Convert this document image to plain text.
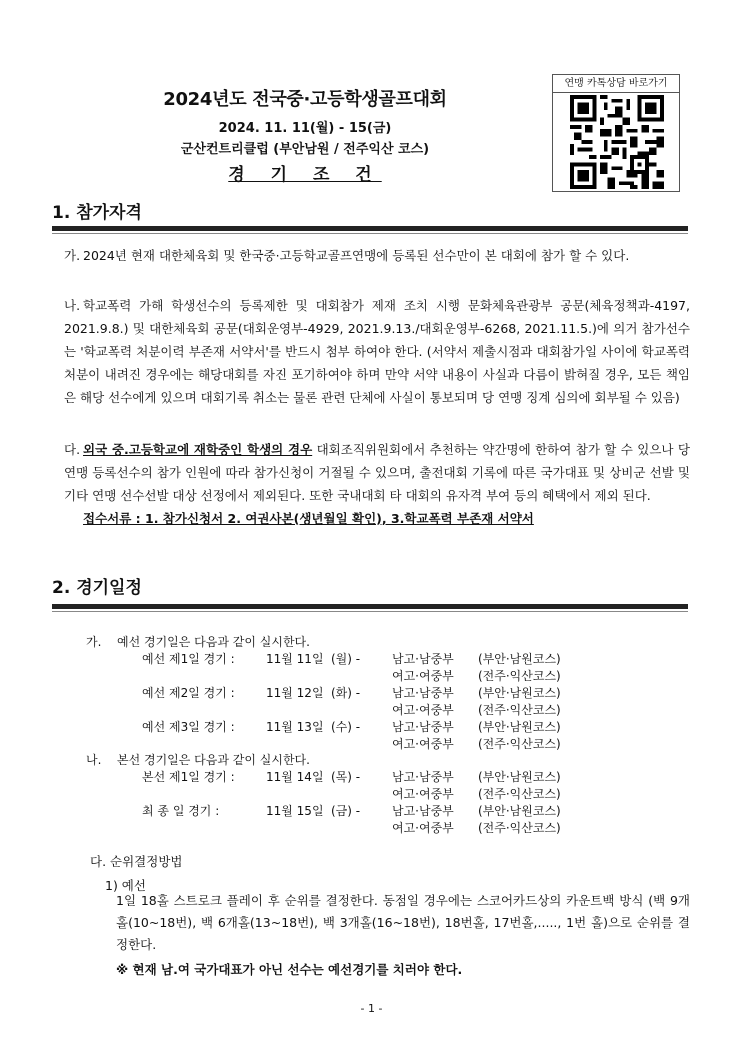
2024년도 전국중·고등학생골프대회
2024. 11. 11(월) - 15(금)
군산컨트리클럽 (부안남원 / 전주익산 코스)
경 기 조 건
연맹 카톡상담 바로가기
1. 참가자격
가. 2024년 현재 대한체육회 및 한국중·고등학교골프연맹에 등록된 선수만이 본 대회에 참가 할 수 있다.
나. 학교폭력 가해 학생선수의 등록제한 및 대회참가 제재 조치 시행 문화체육관광부 공문(체육정책과-4197, 2021.9.8.) 및 대한체육회 공문(대회운영부-4929, 2021.9.13./대회운영부-6268, 2021.11.5.)에 의거 참가선수는 '학교폭력 처분이력 부존재 서약서'를 반드시 첨부 하여야 한다. (서약서 제출시점과 대회참가일 사이에 학교폭력 처분이 내려진 경우에는 해당대회를 자진 포기하여야 하며 만약 서약 내용이 사실과 다름이 밝혀질 경우, 모든 책임은 해당 선수에게 있으며 대회기록 취소는 물론 관련 단체에 사실이 통보되며 당 연맹 징계 심의에 회부될 수 있음)
다. 외국 중.고등학교에 재학중인 학생의 경우 대회조직위원회에서 추천하는 약간명에 한하여 참가 할 수 있으나 당 연맹 등록선수의 참가 인원에 따라 참가신청이 거절될 수 있으며, 출전대회 기록에 따른 국가대표 및 상비군 선발 및 기타 연맹 선수선발 대상 선정에서 제외된다. 또한 국내대회 타 대회의 유자격 부여 등의 혜택에서 제외 된다.
접수서류 : 1. 참가신청서 2. 여권사본(생년월일 확인), 3.학교폭력 부존재 서약서
2. 경기일정
가. 예선 경기일은 다음과 같이 실시한다.
예선 제1일 경기 :	11월 11일 (월) -	남고·남중부 (부안·남원코스)
여고·여중부 (전주·익산코스)
예선 제2일 경기 :	11월 12일 (화) -	남고·남중부 (부안·남원코스)
여고·여중부 (전주·익산코스)
예선 제3일 경기 :	11월 13일 (수) -	남고·남중부 (부안·남원코스)
여고·여중부 (전주·익산코스)
나. 본선 경기일은 다음과 같이 실시한다.
본선 제1일 경기 :	11월 14일 (목) -	남고·남중부 (부안·남원코스)
여고·여중부 (전주·익산코스)
최 종 일 경기 :	11월 15일 (금) -	남고·남중부 (부안·남원코스)
여고·여중부 (전주·익산코스)
다. 순위결정방법
1) 예선
1일 18홀 스트로크 플레이 후 순위를 결정한다. 동점일 경우에는 스코어카드상의 카운트백 방식 (백 9개홀(10~18번), 백 6개홀(13~18번), 백 3개홀(16~18번), 18번홀, 17번홀,....., 1번 홀)으로 순위를 결정한다.
※ 현재 남.여 국가대표가 아닌 선수는 예선경기를 치러야 한다.
- 1 -
